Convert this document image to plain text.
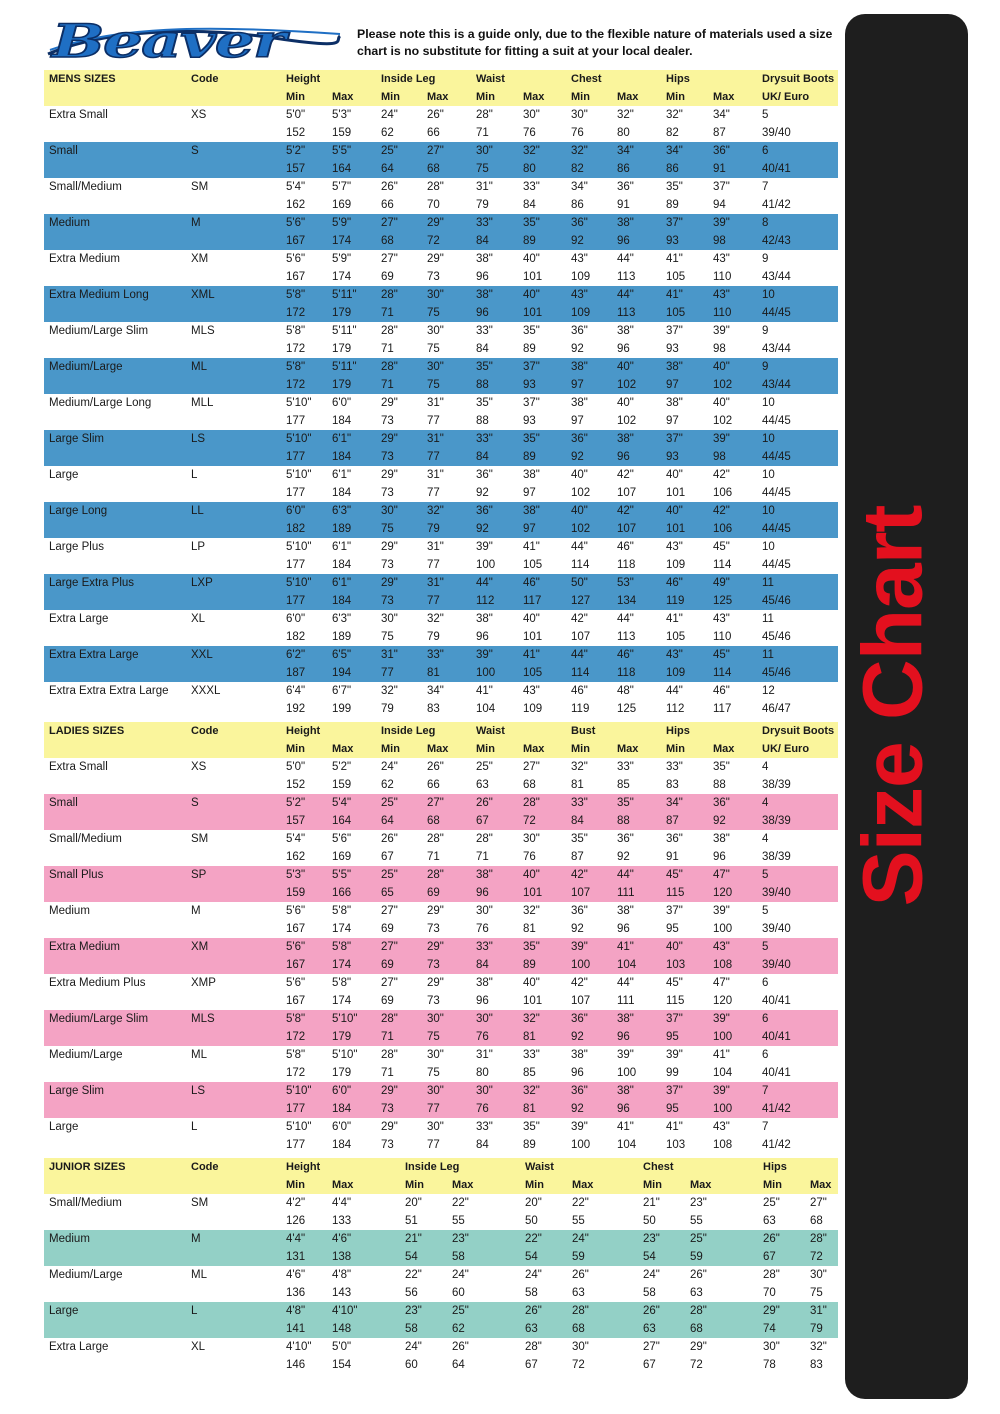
Beaver	Please note this is a guide only, due to the flexible nature of materials used a size chart is no substitute for fitting a suit at your local dealer.
Size Chart
MENS SIZES	Code	Height	Inside Leg	Waist	Chest	Hips	Drysuit Boots
Min Max	Min Max	Min	Max Min Max	Min	Max	UK/ Euro
Extra Small	XS	5'0" 5'3"	24"	26"	28"	30"	30"	32"	32"	34"	5
152 159	62	66	71	76	76	80	82	87	39/40
Small	S	5'2" 5'5"	25"	27"	30"	32"	32"	34"	34"	36"	6
157 164	64	68	75	80	82	86	86	91	40/41
Small/Medium	SM	5'4" 5'7"	26"	28"	31"	33"	34"	36"	35"	37"	7
162 169	66	70	79	84	86	91	89	94	41/42
Medium	M	5'6" 5'9"	27"	29"	33"	35"	36"	38"	37"	39"	8
167 174	68	72	84	89	92	96	93	98	42/43
Extra Medium	XM	5'6" 5'9"	27"	29"	38"	40"	43"	44"	41"	43"	9
167 174	69	73	96	101	109 113	105 110	43/44
Extra Medium Long	XML	5'8" 5'11" 28"	30"	38"	40"	43"	44"	41"	43"	10
172 179	71	75	96	101	109 113	105 110	44/45
Medium/Large Slim	MLS	5'8" 5'11" 28"	30"	33"	35"	36"	38"	37"	39"	9
172 179	71	75	84	89	92	96	93	98	43/44
Medium/Large	ML	5'8" 5'11" 28"	30"	35"	37"	38"	40"	38"	40"	9
172 179	71	75	88	93	97	102	97	102	43/44
Medium/Large Long	MLL	5'10" 6'0"	29"	31"	35"	37"	38"	40"	38"	40"	10
177 184	73	77	88	93	97	102	97	102	44/45
Large Slim	LS	5'10" 6'1"	29"	31"	33"	35"	36"	38"	37"	39"	10
177 184	73	77	84	89	92	96	93	98	44/45
Large	L	5'10" 6'1"	29"	31"	36"	38"	40"	42"	40"	42"	10
177 184	73	77	92	97	102 107	101 106	44/45
Large Long	LL	6'0" 6'3"	30"	32"	36"	38"	40"	42"	40"	42"	10
182 189	75	79	92	97	102 107	101 106	44/45
Large Plus	LP	5'10" 6'1"	29"	31"	39"	41"	44"	46"	43"	45"	10
177 184	73	77	100 105	114 118	109 114	44/45
Large Extra Plus	LXP	5'10" 6'1"	29"	31"	44"	46"	50"	53"	46"	49"	11
177 184	73	77	112 117	127 134	119 125	45/46
Extra Large	XL	6'0" 6'3"	30"	32"	38"	40"	42"	44"	41"	43"	11
182 189	75	79	96	101	107 113	105 110	45/46
Extra Extra Large	XXL	6'2" 6'5"	31"	33"	39"	41"	44"	46"	43"	45"	11
187 194	77	81	100 105	114 118	109 114	45/46
Extra Extra Extra Large XXXL	6'4" 6'7"	32"	34"	41"	43"	46"	48"	44"	46"	12
192 199	79	83	104 109	119 125	112 117	46/47
LADIES SIZES	Code	Height	Inside Leg	Waist	Bust	Hips	Drysuit Boots
Min Max	Min Max	Min	Max Min Max	Min	Max	UK/ Euro
Extra Small	XS	5'0" 5'2"	24"	26"	25"	27"	32"	33"	33"	35"	4
152 159	62	66	63	68	81	85	83	88	38/39
Small	S	5'2" 5'4"	25"	27"	26"	28"	33"	35"	34"	36"	4
157 164	64	68	67	72	84	88	87	92	38/39
Small/Medium	SM	5'4" 5'6"	26"	28"	28"	30"	35"	36"	36"	38"	4
162 169	67	71	71	76	87	92	91	96	38/39
Small Plus	SP	5'3" 5'5"	25"	28"	38"	40"	42"	44"	45"	47"	5
159 166	65	69	96	101	107 111	115 120	39/40
Medium	M	5'6" 5'8"	27"	29"	30"	32"	36"	38"	37"	39"	5
167 174	69	73	76	81	92	96	95	100	39/40
Extra Medium	XM	5'6" 5'8"	27"	29"	33"	35"	39"	41"	40"	43"	5
167 174	69	73	84	89	100 104	103 108	39/40
Extra Medium Plus	XMP	5'6" 5'8"	27"	29"	38"	40"	42"	44"	45"	47"	6
167 174	69	73	96	101	107 111	115 120	40/41
Medium/Large Slim	MLS	5'8" 5'10" 28"	30"	30"	32"	36"	38"	37"	39"	6
172 179	71	75	76	81	92	96	95	100	40/41
Medium/Large	ML	5'8" 5'10" 28"	30"	31"	33"	38"	39"	39"	41"	6
172 179	71	75	80	85	96	100	99	104	40/41
Large Slim	LS	5'10" 6'0"	29"	30"	30"	32"	36"	38"	37"	39"	7
177 184	73	77	76	81	92	96	95	100	41/42
Large	L	5'10" 6'0"	29"	30"	33"	35"	39"	41"	41"	43"	7
177 184	73	77	84	89	100 104	103 108	41/42
JUNIOR SIZES	Code	Height	Inside Leg	Waist	Chest	Hips
Min Max	Min	Max	Min	Max	Min	Max	Min	Max
Small/Medium	SM	4'2" 4'4"	20"	22"	20"	22"	21"	23"	25"	27"
126 133	51	55	50	55	50	55	63	68
Medium	M	4'4" 4'6"	21"	23"	22"	24"	23"	25"	26"	28"
131 138	54	58	54	59	54	59	67	72
Medium/Large	ML	4'6" 4'8"	22"	24"	24"	26"	24"	26"	28"	30"
136 143	56	60	58	63	58	63	70	75
Large	L	4'8" 4'10"	23"	25"	26"	28"	26"	28"	29"	31"
141 148	58	62	63	68	63	68	74	79
Extra Large	XL	4'10" 5'0"	24"	26"	28"	30"	27"	29"	30"	32"
146 154	60	64	67	72	67	72	78	83
